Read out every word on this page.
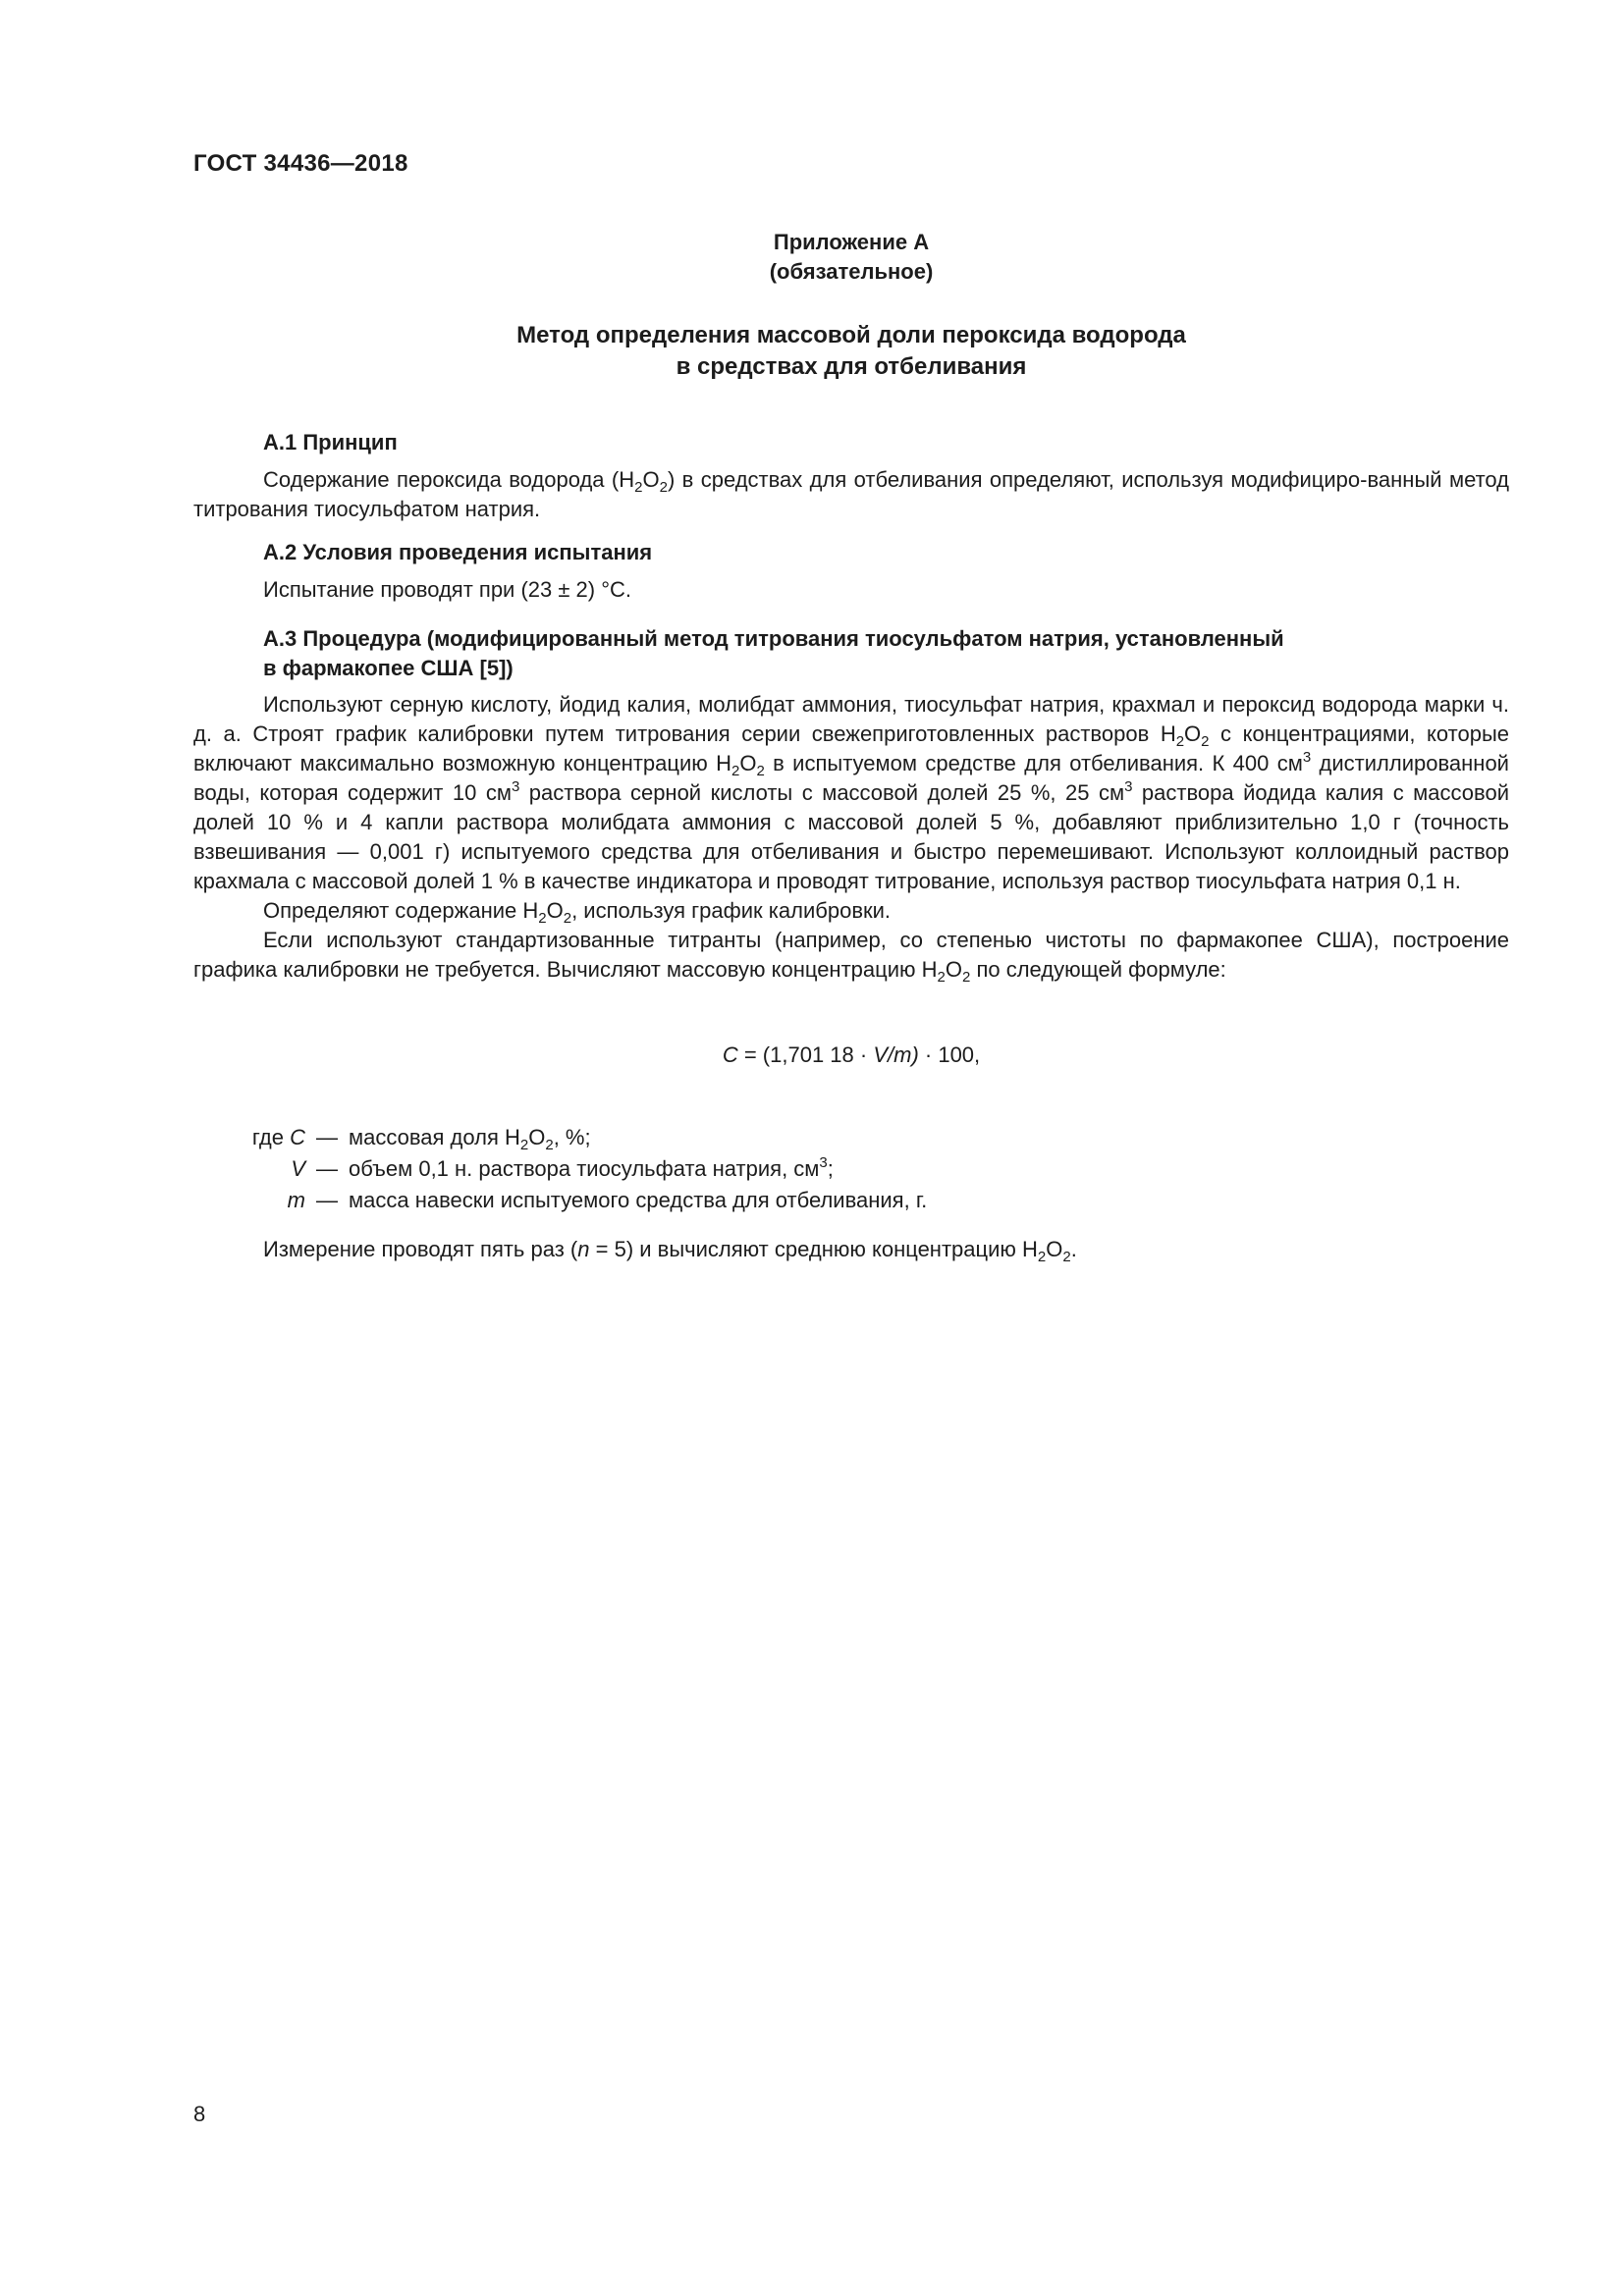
ГОСТ 34436—2018
Приложение А
(обязательное)
Метод определения массовой доли пероксида водорода
в средствах для отбеливания
А.1 Принцип

Содержание пероксида водорода $(H_2O_2)$ в средствах для отбеливания определяют, используя модифициро-ванный метод титрования тиосульфатом натрия.

А.2 Условия проведения испытания

Испытание проводят при (23 ± 2) °С.

А.3 Процедура (модифицированный метод титрования тиосульфатом натрия, установленный
в фармакопее США [5])

Используют серную кислоту, йодид калия, молибдат аммония, тиосульфат натрия, крахмал и пероксид водорода марки ч. д. а. Строят график калибровки путем титрования серии свежеприготовленных растворов $H_2O_2$ с концентрациями, которые включают максимально возможную концентрацию $H_2O_2$ в испытуемом средстве для отбеливания. К 400 $см^3$ дистиллированной воды, которая содержит 10 $см^3$ раствора серной кислоты с массовой долей 25 %, 25 $см^3$ раствора йодида калия с массовой долей 10 % и 4 капли раствора молибдата аммония с массовой долей 5 %, добавляют приблизительно 1,0 г (точность взвешивания — 0,001 г) испытуемого средства для отбеливания и быстро перемешивают. Используют коллоидный раствор крахмала с массовой долей 1 % в качестве индикатора и проводят титрование, используя раствор тиосульфата натрия 0,1 н.

Определяют содержание $H_2O_2$, используя график калибровки.

Если используют стандартизованные титранты (например, со степенью чистоты по фармакопее США), построение графика калибровки не требуется. Вычисляют массовую концентрацию $H_2O_2$ по следующей формуле:

C = (1,701 18 · V/m) · 100,
где C — массовая доля $H_2O_2$, %;
V — объем 0,1 н. раствора тиосульфата натрия, $см^3$;
m — масса навески испытуемого средства для отбеливания, г.
Измерение проводят пять раз (n = 5) и вычисляют среднюю концентрацию $H_2O_2$.
8
